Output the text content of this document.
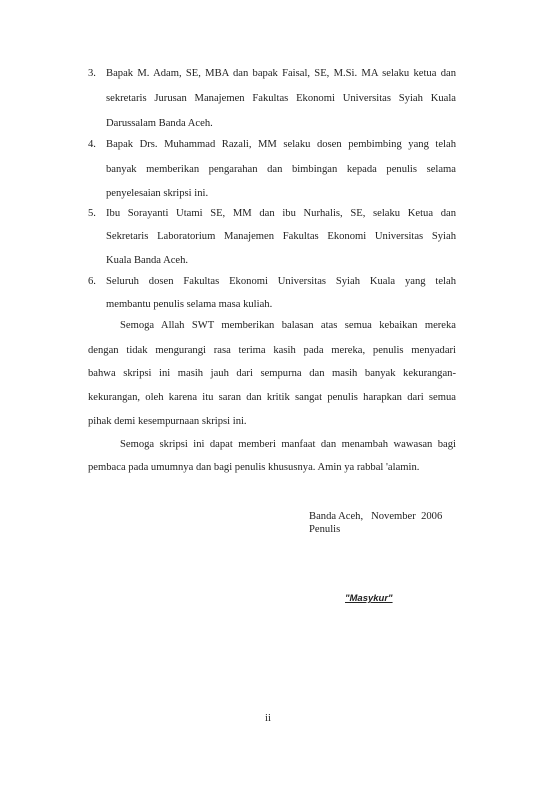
3. Bapak M. Adam, SE, MBA dan bapak Faisal, SE, M.Si. MA selaku ketua dan
sekretaris Jurusan Manajemen Fakultas Ekonomi Universitas Syiah Kuala
Darussalam Banda Aceh.
4. Bapak Drs. Muhammad Razali, MM selaku dosen pembimbing yang telah
banyak memberikan pengarahan dan bimbingan kepada penulis selama
penyelesaian skripsi ini.
5. Ibu Sorayanti Utami SE, MM dan ibu Nurhalis, SE, selaku Ketua dan
Sekretaris Laboratorium Manajemen Fakultas Ekonomi Universitas Syiah
Kuala Banda Aceh.
6. Seluruh dosen Fakultas Ekonomi Universitas Syiah Kuala yang telah
membantu penulis selama masa kuliah.
Semoga Allah SWT memberikan balasan atas semua kebaikan mereka
dengan tidak mengurangi rasa terima kasih pada mereka, penulis menyadari
bahwa skripsi ini masih jauh dari sempurna dan masih banyak kekurangan-
kekurangan, oleh karena itu saran dan kritik sangat penulis harapkan dari semua
pihak demi kesempurnaan skripsi ini.
Semoga skripsi ini dapat memberi manfaat dan menambah wawasan bagi
pembaca pada umumnya dan bagi penulis khususnya. Amin ya rabbal 'alamin.
Banda Aceh,   November  2006
Penulis
"Masykur"
ii
